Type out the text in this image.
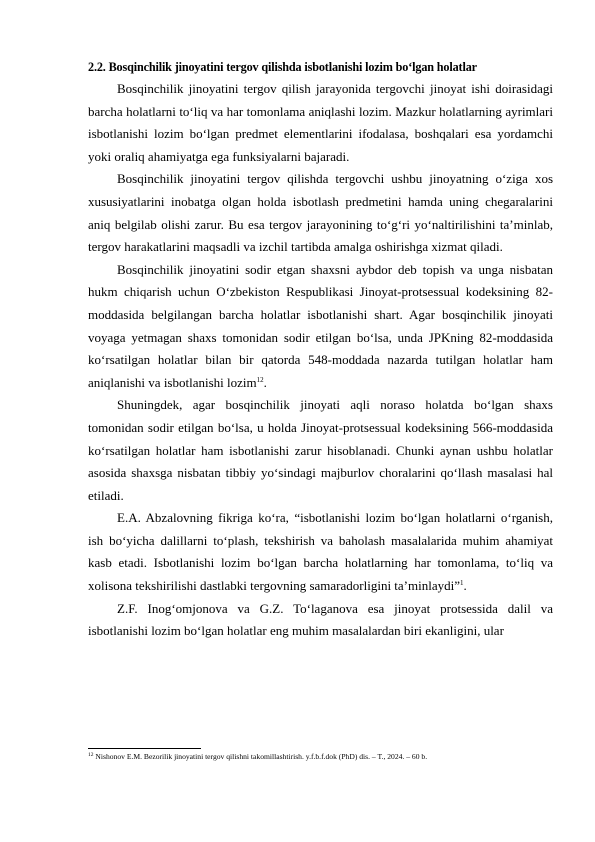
2.2. Bosqinchilik jinoyatini tergov qilishda isbotlanishi lozim bo‘lgan holatlar

Bosqinchilik jinoyatini tergov qilish jarayonida tergovchi jinoyat ishi doirasidagi barcha holatlarni to‘liq va har tomonlama aniqlashi lozim. Mazkur holatlarning ayrimlari isbotlanishi lozim bo‘lgan predmet elementlarini ifodalasa, boshqalari esa yordamchi yoki oraliq ahamiyatga ega funksiyalarni bajaradi.

Bosqinchilik jinoyatini tergov qilishda tergovchi ushbu jinoyatning o‘ziga xos xususiyatlarini inobatga olgan holda isbotlash predmetini hamda uning chegaralarini aniq belgilab olishi zarur. Bu esa tergov jarayonining to‘g‘ri yo‘naltirilishini ta’minlab, tergov harakatlarini maqsadli va izchil tartibda amalga oshirishga xizmat qiladi.

Bosqinchilik jinoyatini sodir etgan shaxsni aybdor deb topish va unga nisbatan hukm chiqarish uchun O‘zbekiston Respublikasi Jinoyat-protsessual kodeksining 82-moddasida belgilangan barcha holatlar isbotlanishi shart. Agar bosqinchilik jinoyati voyaga yetmagan shaxs tomonidan sodir etilgan bo‘lsa, unda JPKning 82-moddasida ko‘rsatilgan holatlar bilan bir qatorda 548-moddada nazarda tutilgan holatlar ham aniqlanishi va isbotlanishi lozim$^{12}$.

Shuningdek, agar bosqinchilik jinoyati aqli noraso holatda bo‘lgan shaxs tomonidan sodir etilgan bo‘lsa, u holda Jinoyat-protsessual kodeksining 566-moddasida ko‘rsatilgan holatlar ham isbotlanishi zarur hisoblanadi. Chunki aynan ushbu holatlar asosida shaxsga nisbatan tibbiy yo‘sindagi majburlov choralarini qo‘llash masalasi hal etiladi.

E.A. Abzalovning fikriga ko‘ra, “isbotlanishi lozim bo‘lgan holatlarni o‘rganish, ish bo‘yicha dalillarni to‘plash, tekshirish va baholash masalalarida muhim ahamiyat kasb etadi. Isbotlanishi lozim bo‘lgan barcha holatlarning har tomonlama, to‘liq va xolisona tekshirilishi dastlabki tergovning samaradorligini ta’minlaydi”$^1$.

Z.F. Inog‘omjonova va G.Z. To‘laganova esa jinoyat protsessida dalil va isbotlanishi lozim bo‘lgan holatlar eng muhim masalalardan biri ekanligini, ular

$^{12}$ Nishonov E.M. Bezorilik jinoyatini tergov qilishni takomillashtirish. y.f.b.f.dok (PhD) dis. – T., 2024. – 60 b.
